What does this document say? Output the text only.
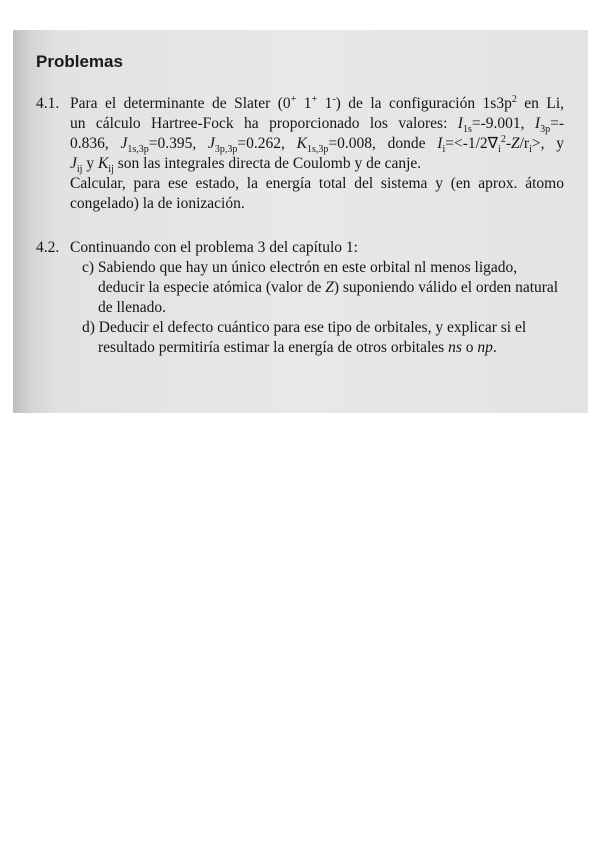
Problemas
4.1. Para el determinante de Slater (0+ 1+ 1-) de la configuración $1s3p^2$ en Li,
un cálculo Hartree-Fock ha proporcionado los valores: $I_{1s}=-9.001$, $I_{3p}=-$
0.836, $J_{1s,3p}=0.395$, $J_{3p,3p}=0.262$, $K_{1s,3p}=0.008$, donde $I_i=<-1/2\nabla_i^2-Z/r_i>$, y
$J_{ij}$ y $K_{ij}$ son las integrales directa de Coulomb y de canje.
Calcular, para ese estado, la energía total del sistema y (en aprox. átomo
congelado) la de ionización.
4.2. Continuando con el problema 3 del capítulo 1:
c) Sabiendo que hay un único electrón en este orbital nl menos ligado, deducir la especie atómica (valor de Z) suponiendo válido el orden natural de llenado.
d) Deducir el defecto cuántico para ese tipo de orbitales, y explicar si el resultado permitiría estimar la energía de otros orbitales ns o np.
